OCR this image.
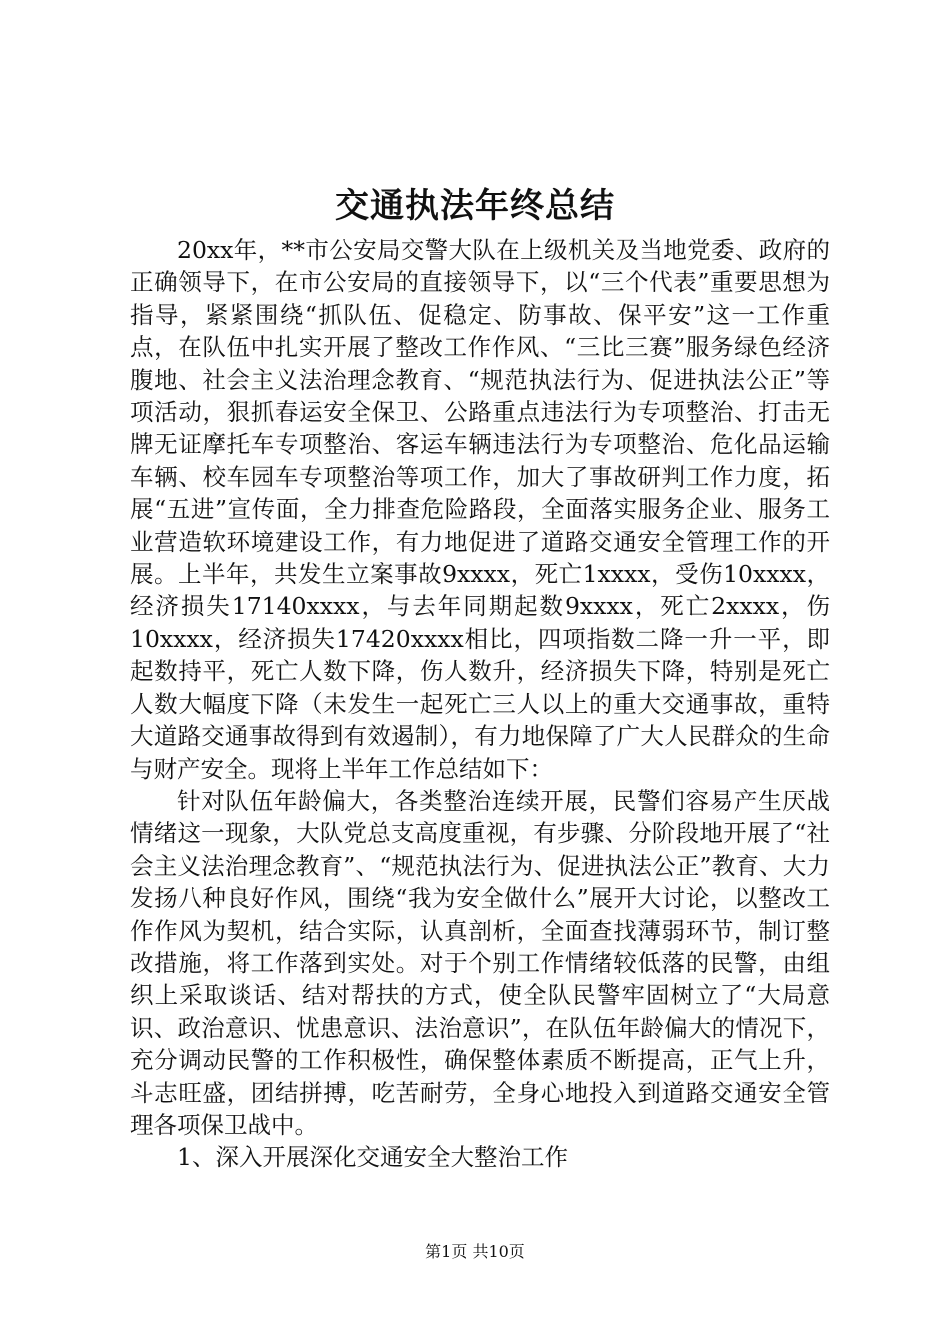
交通执法年终总结

20xx年，**市公安局交警大队在上级机关及当地党委、政府的正确领导下，在市公安局的直接领导下，以“三个代表”重要思想为指导，紧紧围绕“抓队伍、促稳定、防事故、保平安”这一工作重点，在队伍中扎实开展了整改工作作风、“三比三赛”服务绿色经济腹地、社会主义法治理念教育、“规范执法行为、促进执法公正”等项活动，狠抓春运安全保卫、公路重点违法行为专项整治、打击无牌无证摩托车专项整治、客运车辆违法行为专项整治、危化品运输车辆、校车园车专项整治等项工作，加大了事故研判工作力度，拓展“五进”宣传面，全力排查危险路段，全面落实服务企业、服务工业营造软环境建设工作，有力地促进了道路交通安全管理工作的开展。上半年，共发生立案事故9xxxx，死亡1xxxx，受伤10xxxx，经济损失17140xxxx，与去年同期起数9xxxx，死亡2xxxx，伤10xxxx，经济损失17420xxxx相比，四项指数二降一升一平，即起数持平，死亡人数下降，伤人数升，经济损失下降，特别是死亡人数大幅度下降（未发生一起死亡三人以上的重大交通事故，重特大道路交通事故得到有效遏制），有力地保障了广大人民群众的生命与财产安全。现将上半年工作总结如下：

针对队伍年龄偏大，各类整治连续开展，民警们容易产生厌战情绪这一现象，大队党总支高度重视，有步骤、分阶段地开展了“社会主义法治理念教育”、“规范执法行为、促进执法公正”教育、大力发扬八种良好作风，围绕“我为安全做什么”展开大讨论，以整改工作作风为契机，结合实际，认真剖析，全面查找薄弱环节，制订整改措施，将工作落到实处。对于个别工作情绪较低落的民警，由组织上采取谈话、结对帮扶的方式，使全队民警牢固树立了“大局意识、政治意识、忧患意识、法治意识”，在队伍年龄偏大的情况下，充分调动民警的工作积极性，确保整体素质不断提高，正气上升，斗志旺盛，团结拼搏，吃苦耐劳，全身心地投入到道路交通安全管理各项保卫战中。

1、深入开展深化交通安全大整治工作

第1页 共10页
